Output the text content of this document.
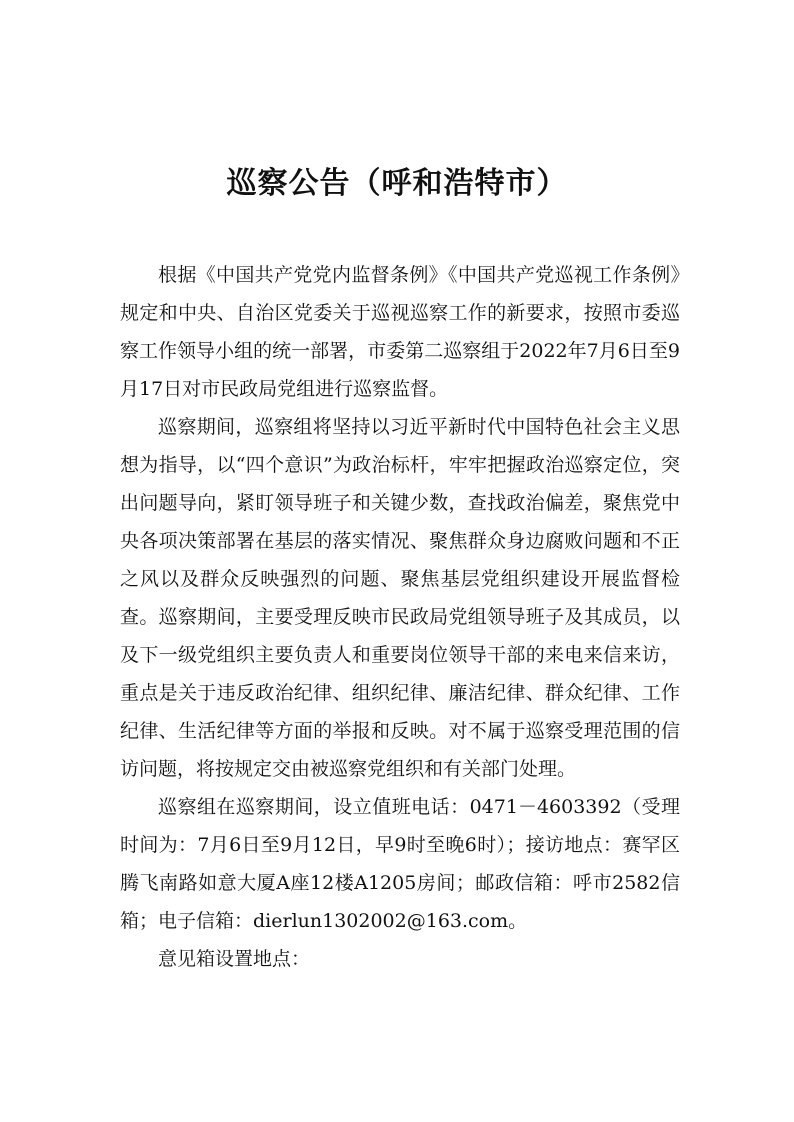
巡察公告（呼和浩特市）

根据《中国共产党党内监督条例》《中国共产党巡视工作条例》规定和中央、自治区党委关于巡视巡察工作的新要求，按照市委巡察工作领导小组的统一部署，市委第二巡察组于2022年7月6日至9月17日对市民政局党组进行巡察监督。

巡察期间，巡察组将坚持以习近平新时代中国特色社会主义思想为指导，以“四个意识”为政治标杆，牢牢把握政治巡察定位，突出问题导向，紧盯领导班子和关键少数，查找政治偏差，聚焦党中央各项决策部署在基层的落实情况、聚焦群众身边腐败问题和不正之风以及群众反映强烈的问题、聚焦基层党组织建设开展监督检查。巡察期间，主要受理反映市民政局党组领导班子及其成员，以及下一级党组织主要负责人和重要岗位领导干部的来电来信来访，重点是关于违反政治纪律、组织纪律、廉洁纪律、群众纪律、工作纪律、生活纪律等方面的举报和反映。对不属于巡察受理范围的信访问题，将按规定交由被巡察党组织和有关部门处理。

巡察组在巡察期间，设立值班电话：0471－4603392（受理时间为：7月6日至9月12日，早9时至晚6时）；接访地点：赛罕区腾飞南路如意大厦A座12楼A1205房间；邮政信箱：呼市2582信箱；电子信箱：dierlun1302002@163.com。

意见箱设置地点：
